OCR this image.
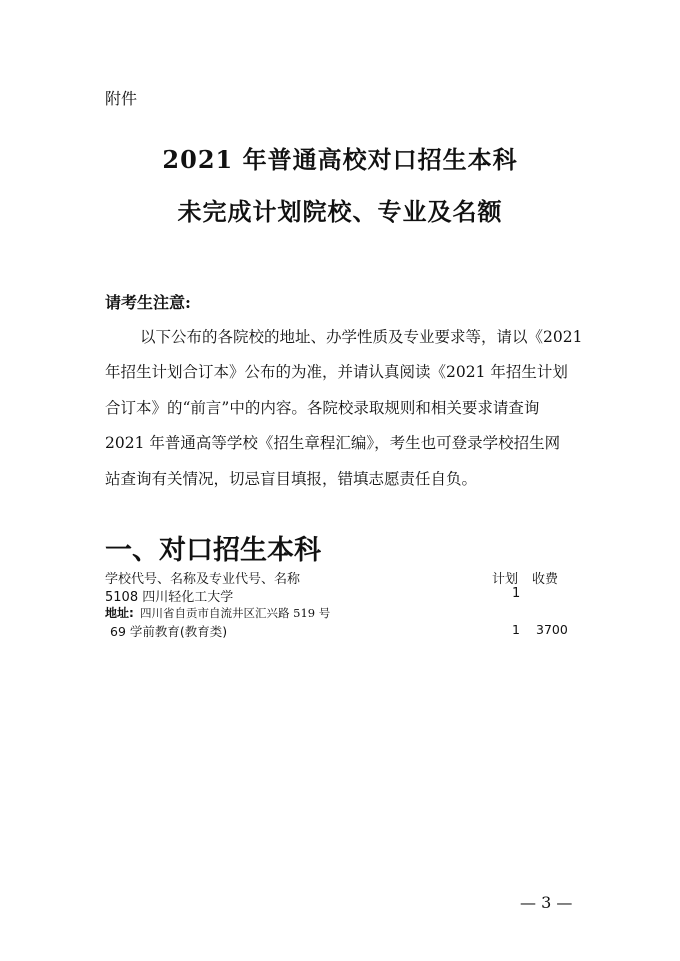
附件
2021 年普通高校对口招生本科
未完成计划院校、专业及名额
请考生注意:
以下公布的各院校的地址、办学性质及专业要求等，请以《2021
年招生计划合订本》公布的为准，并请认真阅读《2021 年招生计划
合订本》的“前言”中的内容。各院校录取规则和相关要求请查询
2021 年普通高等学校《招生章程汇编》，考生也可登录学校招生网
站查询有关情况，切忌盲目填报，错填志愿责任自负。
一、对口招生本科
学校代号、名称及专业代号、名称	计划 收费
5108 四川轻化工大学	1
地址: 四川省自贡市自流井区汇兴路 519 号
69 学前教育(教育类)	1 3700
— 3 —
